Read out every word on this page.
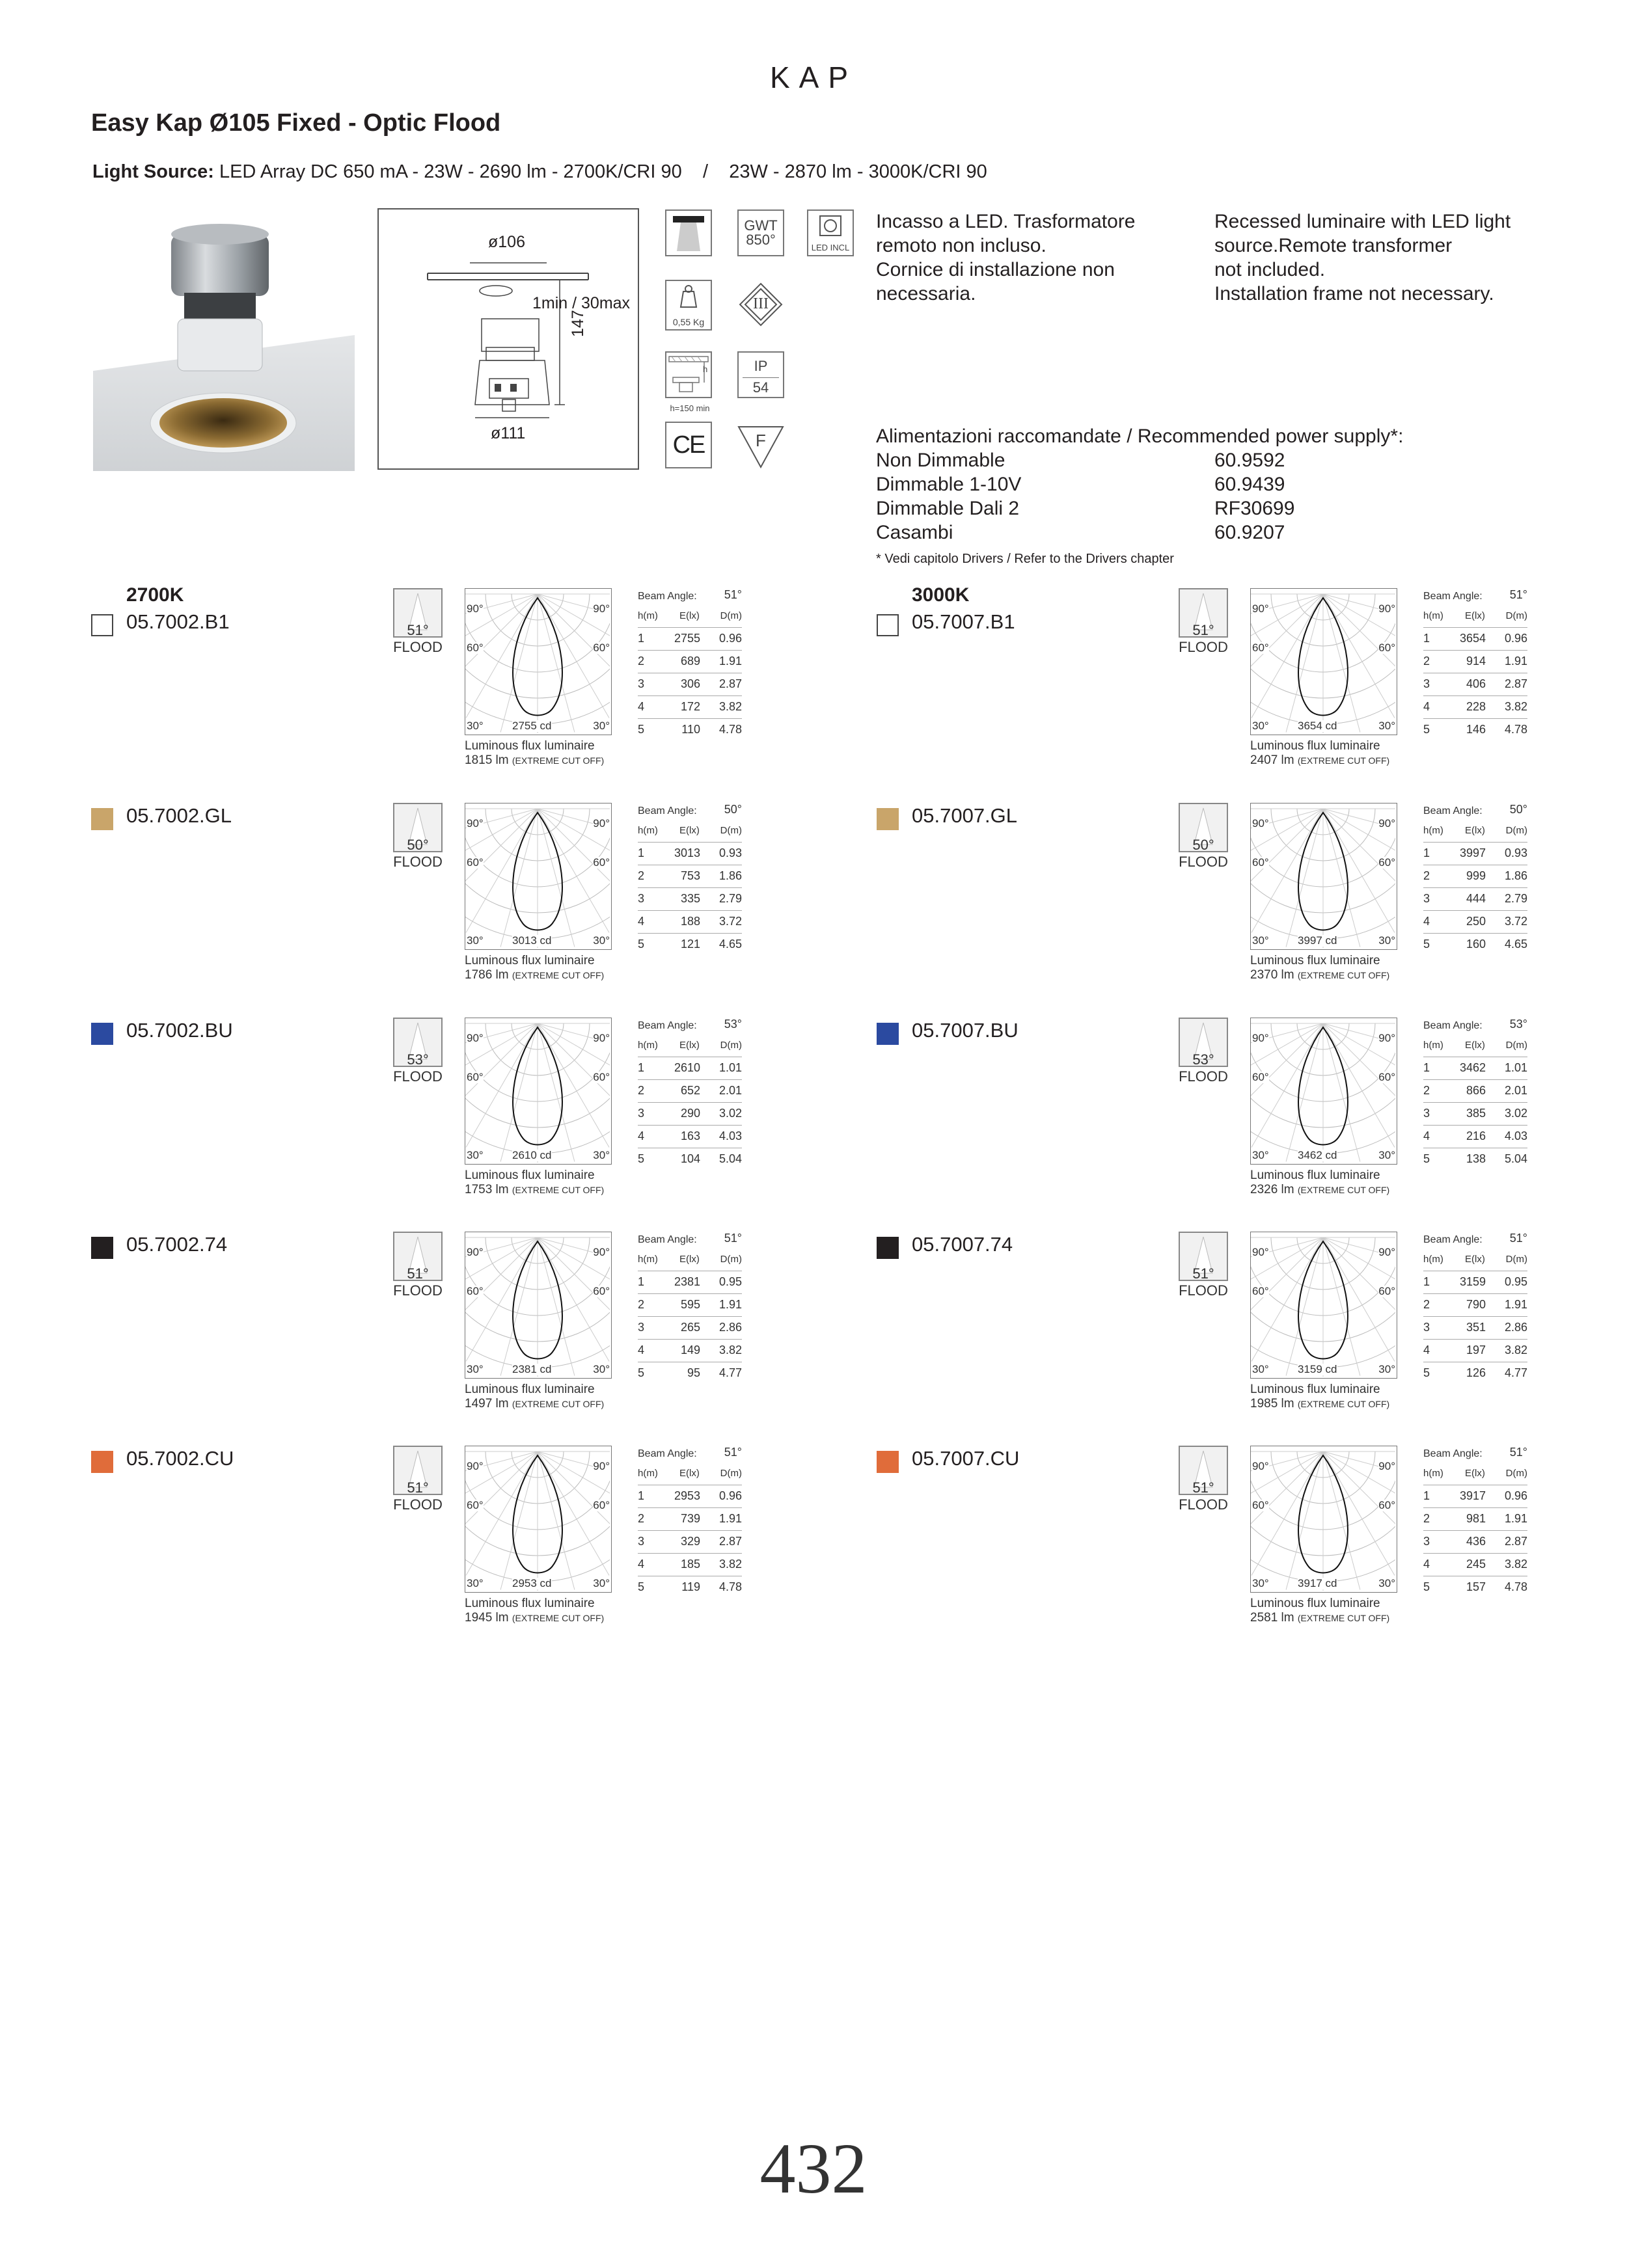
KAP
Easy Kap Ø105 Fixed - Optic Flood
Light Source: LED Array DC 650 mA - 23W - 2690 lm - 2700K/CRI 90    /    23W - 2870 lm - 3000K/CRI 90
ø106
1min / 30max
147
ø111
GWT
850°	LED INCL
0,55 Kg
III
h
h=150 min
IP
54
CE	F
Incasso a LED. Trasformatore
remoto non incluso.
Cornice di installazione non
necessaria.
Recessed luminaire with LED light
source.Remote transformer
not included.
Installation frame not necessary.
Alimentazioni raccomandate / Recommended power supply*:
Non Dimmable	60.9592
Dimmable 1-10V	60.9439
Dimmable Dali 2	RF30699
Casambi	60.9207
* Vedi capitolo Drivers / Refer to the Drivers chapter
2700K
05.7002.B1	51°
FLOOD
90°	90°
60°	60°
30°	30°
2755 cd
Luminous flux luminaire
1815 lm (EXTREME CUT OFF)
Beam Angle: 51°
h(m) E(lx) D(m)
1	2755 0.96
2	689 1.91
3	306 2.87
4	172 3.82
5	110 4.78
05.7002.GL
50°
FLOOD
90°	90°
60°	60°
30°	30°
3013 cd
Luminous flux luminaire
1786 lm (EXTREME CUT OFF)
Beam Angle: 50°
h(m) E(lx) D(m)
1	3013 0.93
2	753 1.86
3	335 2.79
4	188 3.72
5	121 4.65
05.7002.BU
53°
FLOOD
90°	90°
60°	60°
30°	30°
2610 cd
Luminous flux luminaire
1753 lm (EXTREME CUT OFF)
Beam Angle: 53°
h(m) E(lx) D(m)
1	2610 1.01
2	652 2.01
3	290 3.02
4	163 4.03
5	104 5.04
05.7002.74
51°
FLOOD
90°	90°
60°	60°
30°	30°
2381 cd
Luminous flux luminaire
1497 lm (EXTREME CUT OFF)
Beam Angle: 51°
h(m) E(lx) D(m)
1	2381 0.95
2	595 1.91
3	265 2.86
4	149 3.82
5	95 4.77
05.7002.CU
51°
FLOOD
90°	90°
60°	60°
30°	30°
2953 cd
Luminous flux luminaire
1945 lm (EXTREME CUT OFF)
Beam Angle: 51°
h(m) E(lx) D(m)
1	2953 0.96
2	739 1.91
3	329 2.87
4	185 3.82
5	119 4.78
3000K
05.7007.B1	51°
FLOOD
90°	90°
60°	60°
30°	30°
3654 cd
Luminous flux luminaire
2407 lm (EXTREME CUT OFF)
Beam Angle: 51°
h(m) E(lx) D(m)
1	3654 0.96
2	914 1.91
3	406 2.87
4	228 3.82
5	146 4.78
05.7007.GL
50°
FLOOD
90°	90°
60°	60°
30°	30°
3997 cd
Luminous flux luminaire
2370 lm (EXTREME CUT OFF)
Beam Angle: 50°
h(m) E(lx) D(m)
1	3997 0.93
2	999 1.86
3	444 2.79
4	250 3.72
5	160 4.65
05.7007.BU
53°
FLOOD
90°	90°
60°	60°
30°	30°
3462 cd
Luminous flux luminaire
2326 lm (EXTREME CUT OFF)
Beam Angle: 53°
h(m) E(lx) D(m)
1	3462 1.01
2	866 2.01
3	385 3.02
4	216 4.03
5	138 5.04
05.7007.74
51°
FLOOD
90°	90°
60°	60°
30°	30°
3159 cd
Luminous flux luminaire
1985 lm (EXTREME CUT OFF)
Beam Angle: 51°
h(m) E(lx) D(m)
1	3159 0.95
2	790 1.91
3	351 2.86
4	197 3.82
5	126 4.77
05.7007.CU
51°
FLOOD
90°	90°
60°	60°
30°	30°
3917 cd
Luminous flux luminaire
2581 lm (EXTREME CUT OFF)
Beam Angle: 51°
h(m) E(lx) D(m)
1	3917 0.96
2	981 1.91
3	436 2.87
4	245 3.82
5	157 4.78
432
